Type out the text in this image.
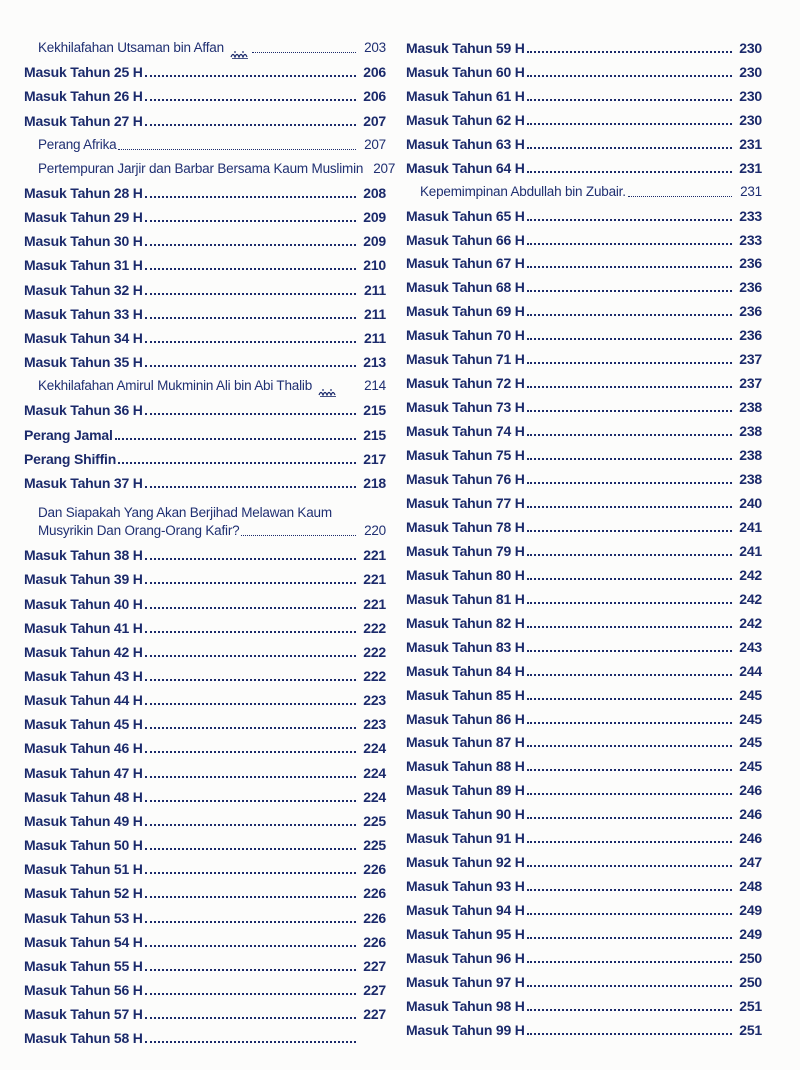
Kekhilafahan Utsaman bin Affan	203
Masuk Tahun 25 H	206
Masuk Tahun 26 H	206
Masuk Tahun 27 H	207
Perang Afrika	207
Pertempuran Jarjir dan Barbar Bersama Kaum Muslimin 207
Masuk Tahun 28 H	208
Masuk Tahun 29 H	209
Masuk Tahun 30 H	209
Masuk Tahun 31 H	210
Masuk Tahun 32 H	211
Masuk Tahun 33 H	211
Masuk Tahun 34 H	211
Masuk Tahun 35 H	213
Kekhilafahan Amirul Mukminin Ali bin Abi Thalib	214
Masuk Tahun 36 H	215
Perang Jamal	215
Perang Shiffin	217
Masuk Tahun 37 H	218
Dan Siapakah Yang Akan Berjihad Melawan Kaum
Musyrikin Dan Orang-Orang Kafir?	220
Masuk Tahun 38 H	221
Masuk Tahun 39 H	221
Masuk Tahun 40 H	221
Masuk Tahun 41 H	222
Masuk Tahun 42 H	222
Masuk Tahun 43 H	222
Masuk Tahun 44 H	223
Masuk Tahun 45 H	223
Masuk Tahun 46 H	224
Masuk Tahun 47 H	224
Masuk Tahun 48 H	224
Masuk Tahun 49 H	225
Masuk Tahun 50 H	225
Masuk Tahun 51 H	226
Masuk Tahun 52 H	226
Masuk Tahun 53 H	226
Masuk Tahun 54 H	226
Masuk Tahun 55 H	227
Masuk Tahun 56 H	227
Masuk Tahun 57 H	227
Masuk Tahun 58 H
Masuk Tahun 59 H	230
Masuk Tahun 60 H	230
Masuk Tahun 61 H	230
Masuk Tahun 62 H	230
Masuk Tahun 63 H	231
Masuk Tahun 64 H	231
Kepemimpinan Abdullah bin Zubair.	231
Masuk Tahun 65 H	233
Masuk Tahun 66 H	233
Masuk Tahun 67 H	236
Masuk Tahun 68 H	236
Masuk Tahun 69 H	236
Masuk Tahun 70 H	236
Masuk Tahun 71 H	237
Masuk Tahun 72 H	237
Masuk Tahun 73 H	238
Masuk Tahun 74 H	238
Masuk Tahun 75 H	238
Masuk Tahun 76 H	238
Masuk Tahun 77 H	240
Masuk Tahun 78 H	241
Masuk Tahun 79 H	241
Masuk Tahun 80 H	242
Masuk Tahun 81 H	242
Masuk Tahun 82 H	242
Masuk Tahun 83 H	243
Masuk Tahun 84 H	244
Masuk Tahun 85 H	245
Masuk Tahun 86 H	245
Masuk Tahun 87 H	245
Masuk Tahun 88 H	245
Masuk Tahun 89 H	246
Masuk Tahun 90 H	246
Masuk Tahun 91 H	246
Masuk Tahun 92 H	247
Masuk Tahun 93 H	248
Masuk Tahun 94 H	249
Masuk Tahun 95 H	249
Masuk Tahun 96 H	250
Masuk Tahun 97 H	250
Masuk Tahun 98 H	251
Masuk Tahun 99 H	251
